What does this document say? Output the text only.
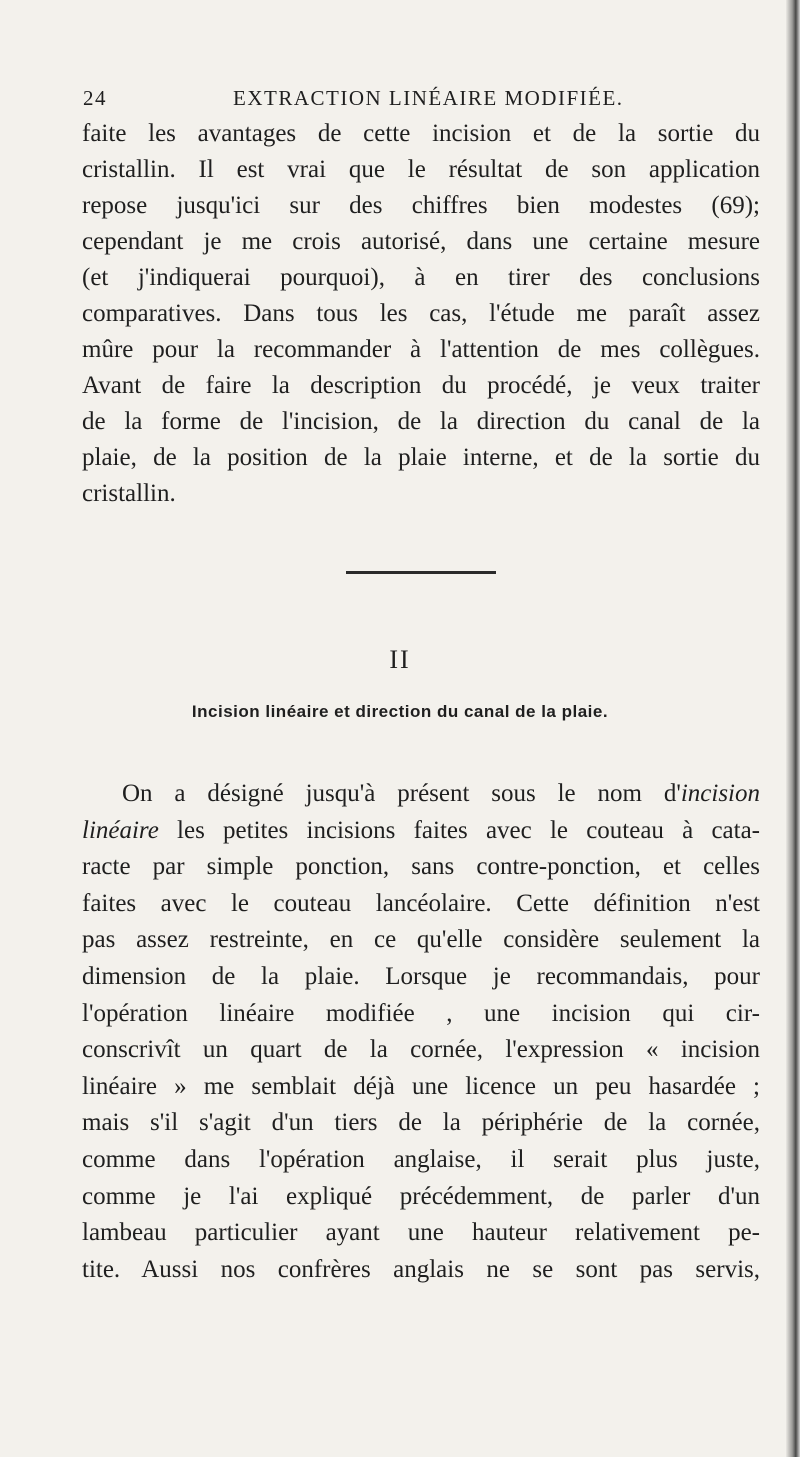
24	EXTRACTION LINÉAIRE MODIFIÉE.
faite les avantages de cette incision et de la sortie du
cristallin. Il est vrai que le résultat de son application
repose jusqu'ici sur des chiffres bien modestes (69);
cependant je me crois autorisé, dans une certaine mesure
(et j'indiquerai pourquoi), à en tirer des conclusions
comparatives. Dans tous les cas, l'étude me paraît assez
mûre pour la recommander à l'attention de mes collègues.
Avant de faire la description du procédé, je veux traiter
de la forme de l'incision, de la direction du canal de la
plaie, de la position de la plaie interne, et de la sortie du
cristallin.
II
Incision linéaire et direction du canal de la plaie.
On a désigné jusqu'à présent sous le nom d'incision
linéaire les petites incisions faites avec le couteau à cata-
racte par simple ponction, sans contre-ponction, et celles
faites avec le couteau lancéolaire. Cette définition n'est
pas assez restreinte, en ce qu'elle considère seulement la
dimension de la plaie. Lorsque je recommandais, pour
l'opération linéaire modifiée , une incision qui cir-
conscrivît un quart de la cornée, l'expression « incision
linéaire » me semblait déjà une licence un peu hasardée ;
mais s'il s'agit d'un tiers de la périphérie de la cornée,
comme dans l'opération anglaise, il serait plus juste,
comme je l'ai expliqué précédemment, de parler d'un
lambeau particulier ayant une hauteur relativement pe-
tite. Aussi nos confrères anglais ne se sont pas servis,
